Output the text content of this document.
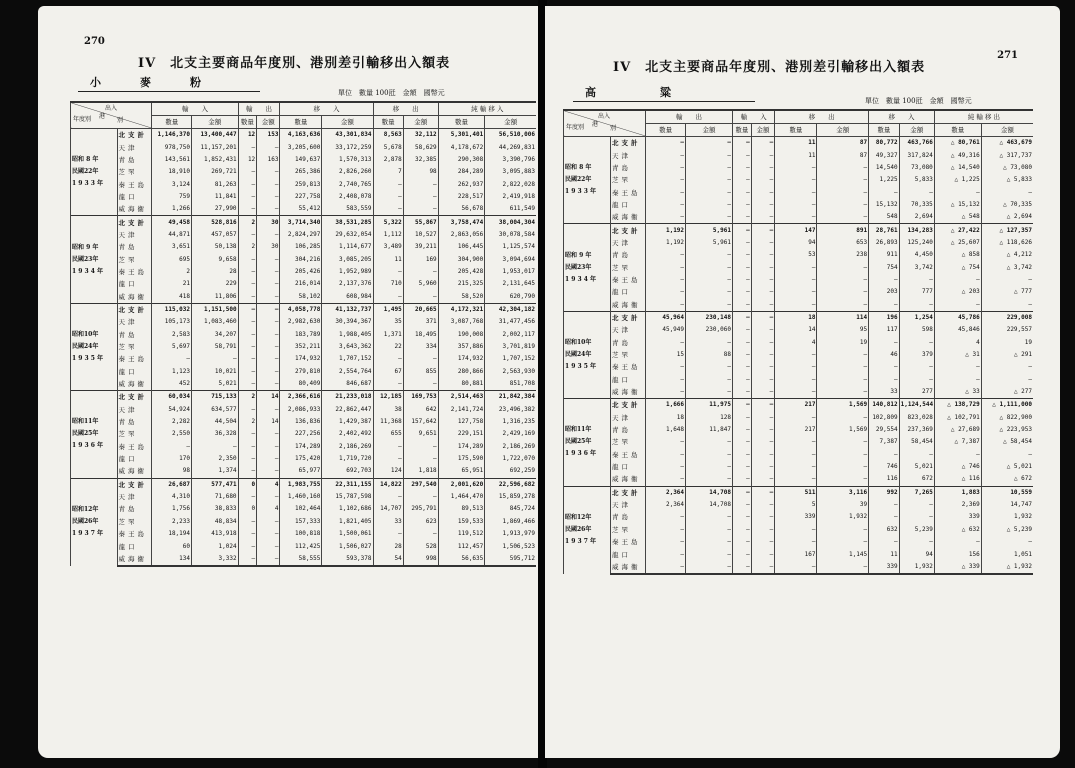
270
IV　北支主要商品年度別、港別差引輸移出入額表
小　麥　粉
單位　數量 100瓩　金額　國幣元
出入
港
年度別 別		輸　　入		輸　　出		移　　入		移　　出		純 輸 移 入	
		數量	金額	數量	金額	數量	金額	數量	金額	數量	金額
昭和 8 年
民國22年
1 9 3 3 年	北支計	1,146,370	13,400,447	12	153	4,163,636	43,301,834	8,563	32,112	5,301,401	56,510,006
	天津	978,750	11,157,201	—	—	3,205,600	33,172,259	5,678	58,629	4,178,672	44,269,831
	青島	143,561	1,852,431	12	163	149,637	1,570,313	2,878	32,385	290,308	3,390,796
	芝罘	18,910	269,721	—	—	265,386	2,826,260	7	98	284,289	3,095,883
	秦王島	3,124	81,263	—	—	259,813	2,740,765	—	—	262,937	2,822,028
	龍口	759	11,841	—	—	227,758	2,408,078	—	—	228,517	2,419,918
	威海衞	1,266	27,990	—	—	55,412	583,559	—	—	56,678	611,549
昭和 9 年
民國23年
1 9 3 4 年	北支計	49,458	528,816	2	30	3,714,340	38,531,285	5,322	55,867	3,758,474	38,004,304
	天津	44,871	457,057	—	—	2,824,297	29,632,054	1,112	10,527	2,863,056	30,078,584
	青島	3,651	50,138	2	30	106,285	1,114,677	3,489	39,211	106,445	1,125,574
	芝罘	695	9,658	—	—	304,216	3,085,205	11	169	304,900	3,094,694
	秦王島	2	28	—	—	205,426	1,952,989	—	—	205,428	1,953,017
	龍口	21	229	—	—	216,014	2,137,376	710	5,960	215,325	2,131,645
	威海衞	418	11,806	—	—	58,102	608,984	—	—	58,520	620,790
昭和10年
民國24年
1 9 3 5 年	北支計	115,032	1,151,500	—	—	4,058,778	41,132,737	1,495	20,665	4,172,321	42,304,182
	天津	105,173	1,083,460	—	—	2,982,630	30,394,367	35	371	3,087,768	31,477,456
	青島	2,583	34,207	—	—	183,789	1,988,405	1,371	18,495	190,008	2,002,117
	芝罘	5,697	58,791	—	—	352,211	3,643,362	22	334	357,886	3,701,819
	秦王島	—	—	—	—	174,932	1,707,152	—	—	174,932	1,707,152
	龍口	1,123	10,021	—	—	279,810	2,554,764	67	855	280,866	2,563,930
	威海衞	452	5,021	—	—	80,409	846,687	—	—	80,881	851,708
昭和11年
民國25年
1 9 3 6 年	北支計	60,034	715,133	2	14	2,366,616	21,233,018	12,185	169,753	2,514,463	21,842,384
	天津	54,924	634,577	—	—	2,086,933	22,862,447	38	642	2,141,724	23,496,382
	青島	2,282	44,504	2	14	136,836	1,429,387	11,368	157,642	127,758	1,316,235
	芝罘	2,550	36,328	—	—	227,256	2,402,492	655	9,651	229,151	2,429,169
	秦王島	—	—	—	—	174,289	2,186,269	—	—	174,289	2,186,269
	龍口	170	2,350	—	—	175,420	1,719,720	—	—	175,590	1,722,070
	威海衞	98	1,374	—	—	65,977	692,703	124	1,818	65,951	692,259
昭和12年
民國26年
1 9 3 7 年	北支計	26,687	577,471	0	4	1,983,755	22,311,155	14,822	297,540	2,001,620	22,596,682
	天津	4,310	71,680	—	—	1,460,160	15,787,598	—	—	1,464,470	15,859,278
	青島	1,756	38,833	0	4	102,464	1,102,686	14,707	295,791	89,513	845,724
	芝罘	2,233	48,834	—	—	157,333	1,821,405	33	623	159,533	1,869,466
	秦王島	18,194	413,918	—	—	100,818	1,500,061	—	—	119,512	1,913,979
	龍口	60	1,024	—	—	112,425	1,506,027	28	528	112,457	1,506,523
	威海衞	134	3,332	—	—	58,555	593,378	54	998	56,635	595,712
271
IV　北支主要商品年度別、港別差引輸移出入額表
高　　粱
單位　數量 100瓩　金額　國幣元
出入
港
年度別 別		輸　　出		輸　　入		移　　出		移　　入		純 輸 移 出	
		數量	金額	數量	金額	數量	金額	數量	金額	數量	金額
昭和 8 年
民國22年
1 9 3 3 年	北支計	—	—	—	—	11	87	80,772	463,766	△ 80,761	△ 463,679
	天津	—	—	—	—	11	87	49,327	317,824	△ 49,316	△ 317,737
	青島	—	—	—	—	—	—	14,540	73,080	△ 14,540	△ 73,080
	芝罘	—	—	—	—	—	—	1,225	5,833	△ 1,225	△ 5,833
	秦王島	—	—	—	—	—	—	—	—	—	—
	龍口	—	—	—	—	—	—	15,132	70,335	△ 15,132	△ 70,335
	威海衞	—	—	—	—	—	—	548	2,694	△ 548	△ 2,694
昭和 9 年
民國23年
1 9 3 4 年	北支計	1,192	5,961	—	—	147	891	28,761	134,283	△ 27,422	△ 127,357
	天津	1,192	5,961	—	—	94	653	26,893	125,240	△ 25,607	△ 118,626
	青島	—	—	—	—	53	238	911	4,450	△ 858	△ 4,212
	芝罘	—	—	—	—	—	—	754	3,742	△ 754	△ 3,742
	秦王島	—	—	—	—	—	—	—	—	—	—
	龍口	—	—	—	—	—	—	203	777	△ 203	△ 777
	威海衞	—	—	—	—	—	—	—	—	—	—
昭和10年
民國24年
1 9 3 5 年	北支計	45,964	230,148	—	—	18	114	196	1,254	45,786	229,008
	天津	45,949	230,060	—	—	14	95	117	598	45,846	229,557
	青島	—	—	—	—	4	19	—	—	4	19
	芝罘	15	88	—	—	—	—	46	379	△ 31	△ 291
	秦王島	—	—	—	—	—	—	—	—	—	—
	龍口	—	—	—	—	—	—	—	—	—	—
	威海衞	—	—	—	—	—	—	33	277	△ 33	△ 277
昭和11年
民國25年
1 9 3 6 年	北支計	1,666	11,975	—	—	217	1,569	140,812	1,124,544	△ 138,729	△ 1,111,000
	天津	18	128	—	—	—	—	102,809	823,028	△ 102,791	△ 822,900
	青島	1,648	11,847	—	—	217	1,569	29,554	237,369	△ 27,689	△ 223,953
	芝罘	—	—	—	—	—	—	7,387	58,454	△ 7,387	△ 58,454
	秦王島	—	—	—	—	—	—	—	—	—	—
	龍口	—	—	—	—	—	—	746	5,021	△ 746	△ 5,021
	威海衞	—	—	—	—	—	—	116	672	△ 116	△ 672
昭和12年
民國26年
1 9 3 7 年	北支計	2,364	14,708	—	—	511	3,116	992	7,265	1,883	10,559
	天津	2,364	14,708	—	—	5	39	—	—	2,369	14,747
	青島	—	—	—	—	339	1,932	—	—	339	1,932
	芝罘	—	—	—	—	—	—	632	5,239	△ 632	△ 5,239
	秦王島	—	—	—	—	—	—	—	—	—	—
	龍口	—	—	—	—	167	1,145	11	94	156	1,051
	威海衞	—	—	—	—	—	—	339	1,932	△ 339	△ 1,932
